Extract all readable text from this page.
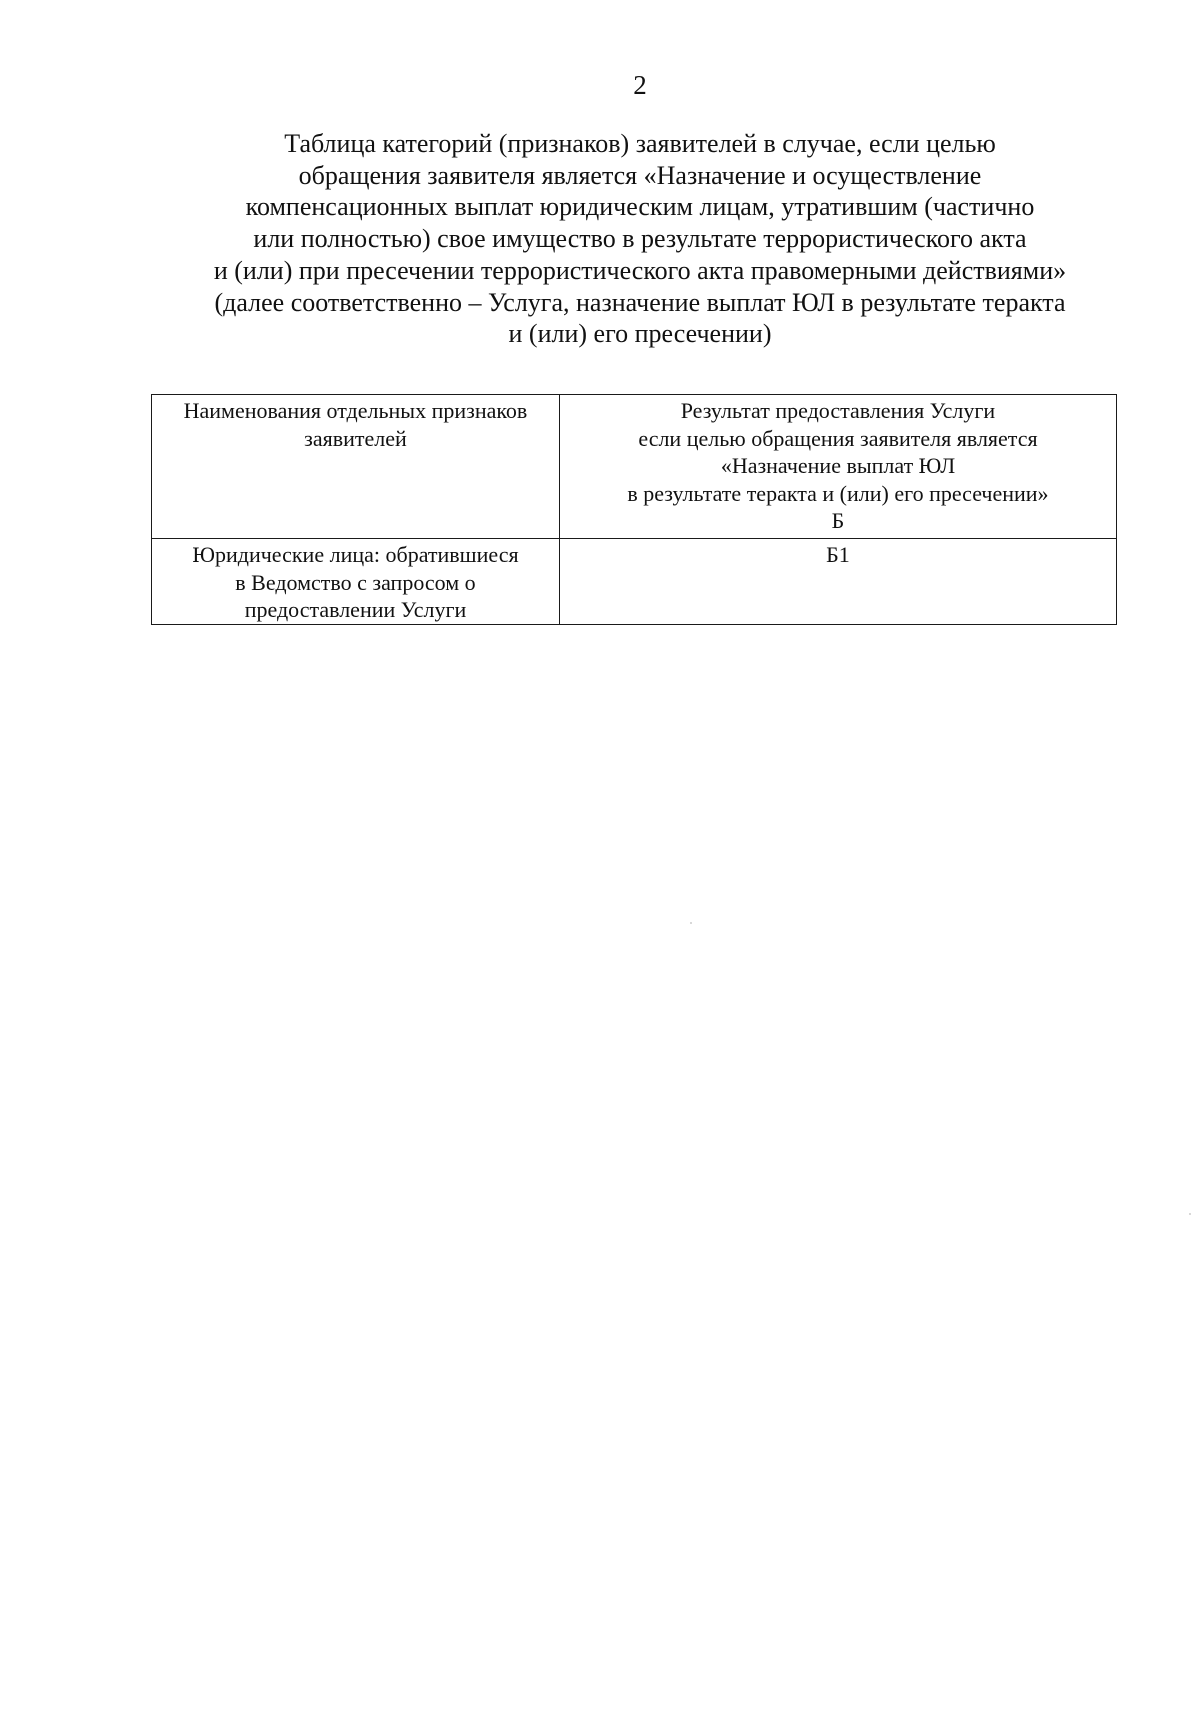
2
Таблица категорий (признаков) заявителей в случае, если целью
обращения заявителя является «Назначение и осуществление
компенсационных выплат юридическим лицам, утратившим (частично
или полностью) свое имущество в результате террористического акта
и (или) при пресечении террористического акта правомерными действиями»
(далее соответственно – Услуга, назначение выплат ЮЛ в результате теракта
и (или) его пресечении)
Наименования отдельных признаков
заявителей	Результат предоставления Услуги
если целью обращения заявителя является
«Назначение выплат ЮЛ
в результате теракта и (или) его пресечении»
Б

Юридические лица: обратившиеся
в Ведомство с запросом о
предоставлении Услуги	Б1
